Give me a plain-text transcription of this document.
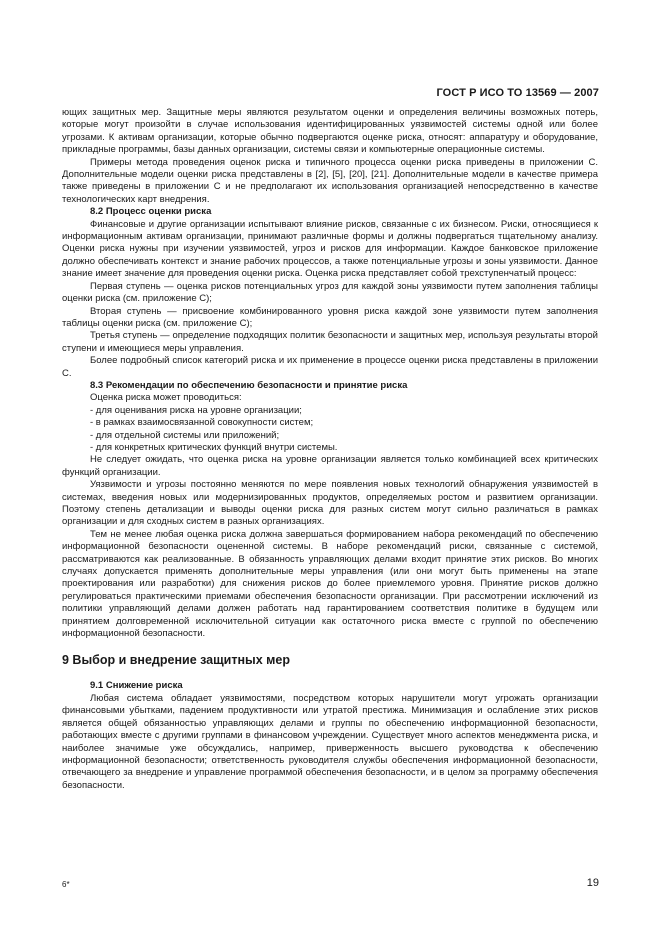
ГОСТ Р ИСО ТО 13569 — 2007

ющих защитных мер. Защитные меры являются результатом оценки и определения величины возможных потерь, которые могут произойти в случае использования идентифицированных уязвимостей системы одной или более угрозами. К активам организации, которые обычно подвергаются оценке риска, относят: аппаратуру и оборудование, прикладные программы, базы данных организации, системы связи и компьютерные операционные системы.

Примеры метода проведения оценок риска и типичного процесса оценки риска приведены в приложении С. Дополнительные модели оценки риска представлены в [2], [5], [20], [21]. Дополнительные модели в качестве примера также приведены в приложении С и не предполагают их использования организацией непосредственно в качестве технологических карт внедрения.

8.2 Процесс оценки риска

Финансовые и другие организации испытывают влияние рисков, связанные с их бизнесом. Риски, относящиеся к информационным активам организации, принимают различные формы и должны подвергаться тщательному анализу. Оценки риска нужны при изучении уязвимостей, угроз и рисков для информации. Каждое банковское приложение должно обеспечивать контекст и знание рабочих процессов, а также потенциальные угрозы и зоны уязвимости. Данное знание имеет значение для проведения оценки риска. Оценка риска представляет собой трехступенчатый процесс:

Первая ступень — оценка рисков потенциальных угроз для каждой зоны уязвимости путем заполнения таблицы оценки риска (см. приложение С);

Вторая ступень — присвоение комбинированного уровня риска каждой зоне уязвимости путем заполнения таблицы оценки риска (см. приложение С);

Третья ступень — определение подходящих политик безопасности и защитных мер, используя результаты второй ступени и имеющиеся меры управления.

Более подробный список категорий риска и их применение в процессе оценки риска представлены в приложении С.

8.3 Рекомендации по обеспечению безопасности и принятие риска

Оценка риска может проводиться:

- для оценивания риска на уровне организации;

- в рамках взаимосвязанной совокупности систем;

- для отдельной системы или приложений;

- для конкретных критических функций внутри системы.

Не следует ожидать, что оценка риска на уровне организации является только комбинацией всех критических функций организации.

Уязвимости и угрозы постоянно меняются по мере появления новых технологий обнаружения уязвимостей в системах, введения новых или модернизированных продуктов, определяемых ростом и развитием организации. Поэтому степень детализации и выводы оценки риска для разных систем могут сильно различаться в рамках организации и для сходных систем в разных организациях.

Тем не менее любая оценка риска должна завершаться формированием набора рекомендаций по обеспечению информационной безопасности оцененной системы. В наборе рекомендаций риски, связанные с системой, рассматриваются как реализованные. В обязанность управляющих делами входит принятие этих рисков. Во многих случаях допускается применять дополнительные меры управления (или они могут быть применены на этапе проектирования или разработки) для снижения рисков до более приемлемого уровня. Принятие рисков должно регулироваться практическими приемами обеспечения безопасности организации. При рассмотрении исключений из политики управляющий делами должен работать над гарантированием соответствия политике в будущем или принятием долговременной исключительной ситуации как остаточного риска вместе с группой по обеспечению информационной безопасности.

9 Выбор и внедрение защитных мер

9.1 Снижение риска

Любая система обладает уязвимостями, посредством которых нарушители могут угрожать организации финансовыми убытками, падением продуктивности или утратой престижа. Минимизация и ослабление этих рисков является общей обязанностью управляющих делами и группы по обеспечению информационной безопасности, работающих вместе с другими группами в финансовом учреждении. Существует много аспектов менеджмента риска, и наиболее значимые уже обсуждались, например, приверженность высшего руководства к обеспечению информационной безопасности; ответственность руководителя службы обеспечения информационной безопасности, отвечающего за внедрение и управление программой обеспечения безопасности, и в целом за программу обеспечения безопасности.

6*	19
